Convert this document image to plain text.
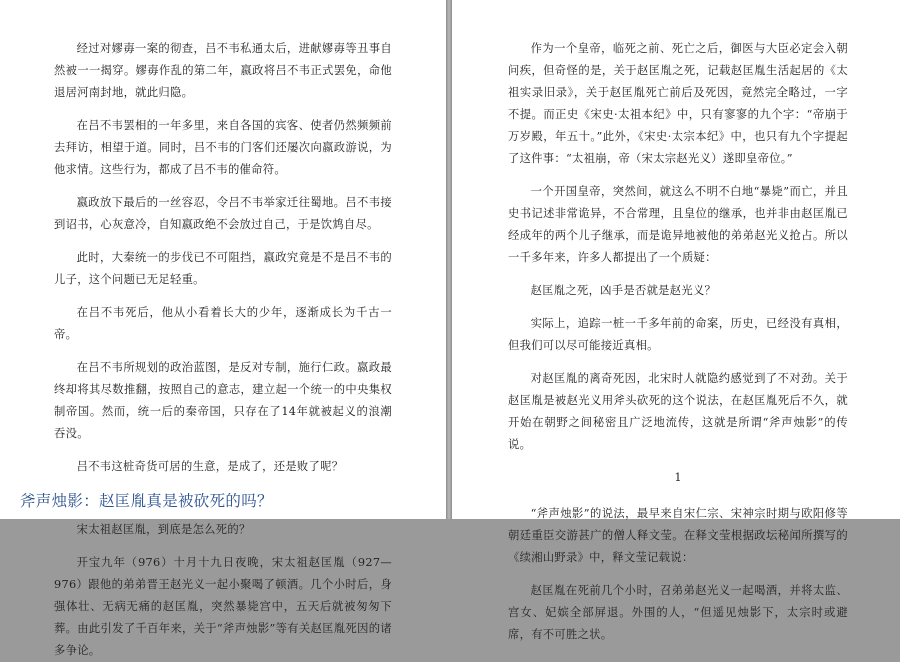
经过对嫪毐一案的彻查，吕不韦私通太后，进献嫪毐等丑事自然被一一揭穿。嫪毐作乱的第二年，嬴政将吕不韦正式罢免，命他退居河南封地，就此归隐。

在吕不韦罢相的一年多里，来自各国的宾客、使者仍然频频前去拜访，相望于道。同时，吕不韦的门客们还屡次向嬴政游说，为他求情。这些行为，都成了吕不韦的催命符。

嬴政放下最后的一丝容忍，令吕不韦举家迁往蜀地。吕不韦接到诏书，心灰意冷，自知嬴政绝不会放过自己，于是饮鸩自尽。

此时，大秦统一的步伐已不可阻挡，嬴政究竟是不是吕不韦的儿子，这个问题已无足轻重。

在吕不韦死后，他从小看着长大的少年，逐渐成长为千古一帝。

在吕不韦所规划的政治蓝图，是反对专制，施行仁政。嬴政最终却将其尽数推翻，按照自己的意志，建立起一个统一的中央集权制帝国。然而，统一后的秦帝国，只存在了14年就被起义的浪潮吞没。

吕不韦这桩奇货可居的生意，是成了，还是败了呢？

斧声烛影：赵匡胤真是被砍死的吗？

宋太祖赵匡胤，到底是怎么死的？

开宝九年（976）十月十九日夜晚，宋太祖赵匡胤（927—976）跟他的弟弟晋王赵光义一起小聚喝了顿酒。几个小时后，身强体壮、无病无痛的赵匡胤，突然暴毙宫中，五天后就被匆匆下葬。由此引发了千百年来，关于“斧声烛影”等有关赵匡胤死因的诸多争论。

作为一个皇帝，临死之前、死亡之后，御医与大臣必定会入朝问疾，但奇怪的是，关于赵匡胤之死，记载赵匡胤生活起居的《太祖实录旧录》，关于赵匡胤死亡前后及死因，竟然完全略过，一字不提。而正史《宋史·太祖本纪》中，只有寥寥的九个字：“帝崩于万岁殿，年五十。”此外，《宋史·太宗本纪》中，也只有九个字提起了这件事：“太祖崩，帝（宋太宗赵光义）遂即皇帝位。”

一个开国皇帝，突然间，就这么不明不白地“暴毙”而亡，并且史书记述非常诡异，不合常理，且皇位的继承，也并非由赵匡胤已经成年的两个儿子继承，而是诡异地被他的弟弟赵光义抢占。所以一千多年来，许多人都提出了一个质疑：

赵匡胤之死，凶手是否就是赵光义？

实际上，追踪一桩一千多年前的命案，历史，已经没有真相，但我们可以尽可能接近真相。

对赵匡胤的离奇死因，北宋时人就隐约感觉到了不对劲。关于赵匡胤是被赵光义用斧头砍死的这个说法，在赵匡胤死后不久，就开始在朝野之间秘密且广泛地流传，这就是所谓“斧声烛影”的传说。

1

“斧声烛影”的说法，最早来自宋仁宗、宋神宗时期与欧阳修等朝廷重臣交游甚广的僧人释文莹。在释文莹根据政坛秘闻所撰写的《续湘山野录》中，释文莹记载说：

赵匡胤在死前几个小时，召弟弟赵光义一起喝酒，并将太监、宫女、妃嫔全部屏退。外围的人，“但遥见烛影下，太宗时或避席，有不可胜之状。
